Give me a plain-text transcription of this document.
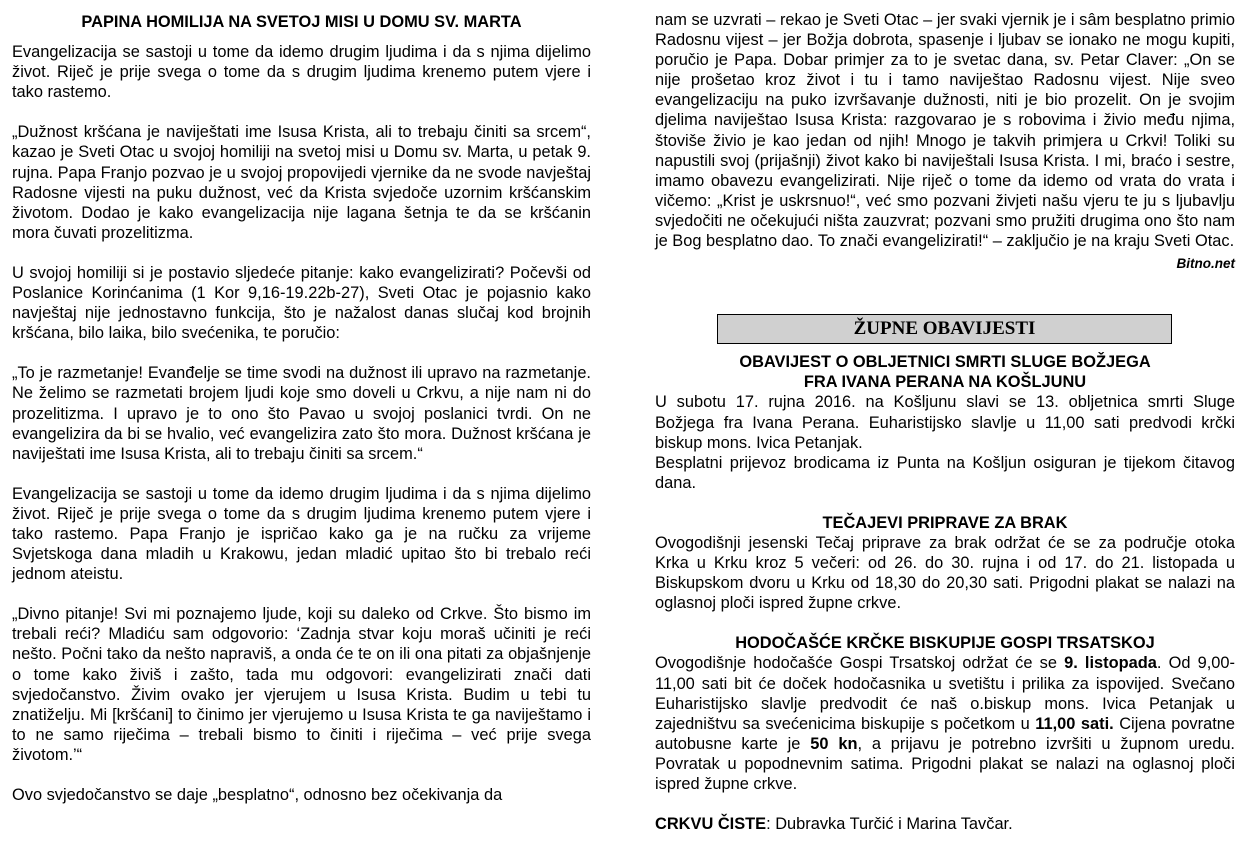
PAPINA HOMILIJA NA SVETOJ MISI U DOMU SV. MARTA

Evangelizacija se sastoji u tome da idemo drugim ljudima i da s njima dijelimo život. Riječ je prije svega o tome da s drugim ljudima krenemo putem vjere i tako rastemo.

„Dužnost kršćana je naviještati ime Isusa Krista, ali to trebaju činiti sa srcem“, kazao je Sveti Otac u svojoj homiliji na svetoj misi u Domu sv. Marta, u petak 9. rujna. Papa Franjo pozvao je u svojoj propovijedi vjernike da ne svode navještaj Radosne vijesti na puku dužnost, već da Krista svjedoče uzornim kršćanskim životom. Dodao je kako evangelizacija nije lagana šetnja te da se kršćanin mora čuvati prozelitizma.

U svojoj homiliji si je postavio sljedeće pitanje: kako evangelizirati? Počevši od Poslanice Korinćanima (1 Kor 9,16-19.22b-27), Sveti Otac je pojasnio kako navještaj nije jednostavno funkcija, što je nažalost danas slučaj kod brojnih kršćana, bilo laika, bilo svećenika, te poručio:

„To je razmetanje! Evanđelje se time svodi na dužnost ili upravo na razmetanje. Ne želimo se razmetati brojem ljudi koje smo doveli u Crkvu, a nije nam ni do prozelitizma. I upravo je to ono što Pavao u svojoj poslanici tvrdi. On ne evangelizira da bi se hvalio, već evangelizira zato što mora. Dužnost kršćana je naviještati ime Isusa Krista, ali to trebaju činiti sa srcem.“

Evangelizacija se sastoji u tome da idemo drugim ljudima i da s njima dijelimo život. Riječ je prije svega o tome da s drugim ljudima krenemo putem vjere i tako rastemo. Papa Franjo je ispričao kako ga je na ručku za vrijeme Svjetskoga dana mladih u Krakowu, jedan mladić upitao što bi trebalo reći jednom ateistu.

„Divno pitanje! Svi mi poznajemo ljude, koji su daleko od Crkve. Što bismo im trebali reći? Mladiću sam odgovorio: ‘Zadnja stvar koju moraš učiniti je reći nešto. Počni tako da nešto napraviš, a onda će te on ili ona pitati za objašnjenje o tome kako živiš i zašto, tada mu odgovori: evangelizirati znači dati svjedočanstvo. Živim ovako jer vjerujem u Isusa Krista. Budim u tebi tu znatiželju. Mi [kršćani] to činimo jer vjerujemo u Isusa Krista te ga naviještamo i to ne samo riječima – trebali bismo to činiti i riječima – već prije svega životom.’“

Ovo svjedočanstvo se daje „besplatno“, odnosno bez očekivanja da

nam se uzvrati – rekao je Sveti Otac – jer svaki vjernik je i sâm besplatno primio Radosnu vijest – jer Božja dobrota, spasenje i ljubav se ionako ne mogu kupiti, poručio je Papa. Dobar primjer za to je svetac dana, sv. Petar Claver: „On se nije prošetao kroz život i tu i tamo naviještao Radosnu vijest. Nije sveo evangelizaciju na puko izvršavanje dužnosti, niti je bio prozelit. On je svojim djelima naviještao Isusa Krista: razgovarao je s robovima i živio među njima, štoviše živio je kao jedan od njih! Mnogo je takvih primjera u Crkvi! Toliki su napustili svoj (prijašnji) život kako bi naviještali Isusa Krista. I mi, braćo i sestre, imamo obavezu evangelizirati. Nije riječ o tome da idemo od vrata do vrata i vičemo: „Krist je uskrsnuo!“, već smo pozvani živjeti našu vjeru te ju s ljubavlju svjedočiti ne očekujući ništa zauzvrat; pozvani smo pružiti drugima ono što nam je Bog besplatno dao. To znači evangelizirati!“ – zaključio je na kraju Sveti Otac.
Bitno.net

ŽUPNE OBAVIJESTI

OBAVIJEST O OBLJETNICI SMRTI SLUGE BOŽJEGA

FRA IVANA PERANA NA KOŠLJUNU

U subotu 17. rujna 2016. na Košljunu slavi se 13. obljetnica smrti Sluge Božjega fra Ivana Perana. Euharistijsko slavlje u 11,00 sati predvodi krčki biskup mons. Ivica Petanjak.

Besplatni prijevoz brodicama iz Punta na Košljun osiguran je tijekom čitavog dana.

TEČAJEVI PRIPRAVE ZA BRAK

Ovogodišnji jesenski Tečaj priprave za brak održat će se za područje otoka Krka u Krku kroz 5 večeri: od 26. do 30. rujna i od 17. do 21. listopada u Biskupskom dvoru u Krku od 18,30 do 20,30 sati. Prigodni plakat se nalazi na oglasnoj ploči ispred župne crkve.

HODOČAŠĆE KRČKE BISKUPIJE GOSPI TRSATSKOJ

Ovogodišnje hodočašće Gospi Trsatskoj održat će se 9. listopada. Od 9,00-11,00 sati bit će doček hodočasnika u svetištu i prilika za ispovijed. Svečano Euharistijsko slavlje predvodit će naš o.biskup mons. Ivica Petanjak u zajedništvu sa svećenicima biskupije s početkom u 11,00 sati. Cijena povratne autobusne karte je 50 kn, a prijavu je potrebno izvršiti u župnom uredu. Povratak u popodnevnim satima. Prigodni plakat se nalazi na oglasnoj ploči ispred župne crkve.

CRKVU ČISTE: Dubravka Turčić i Marina Tavčar.
